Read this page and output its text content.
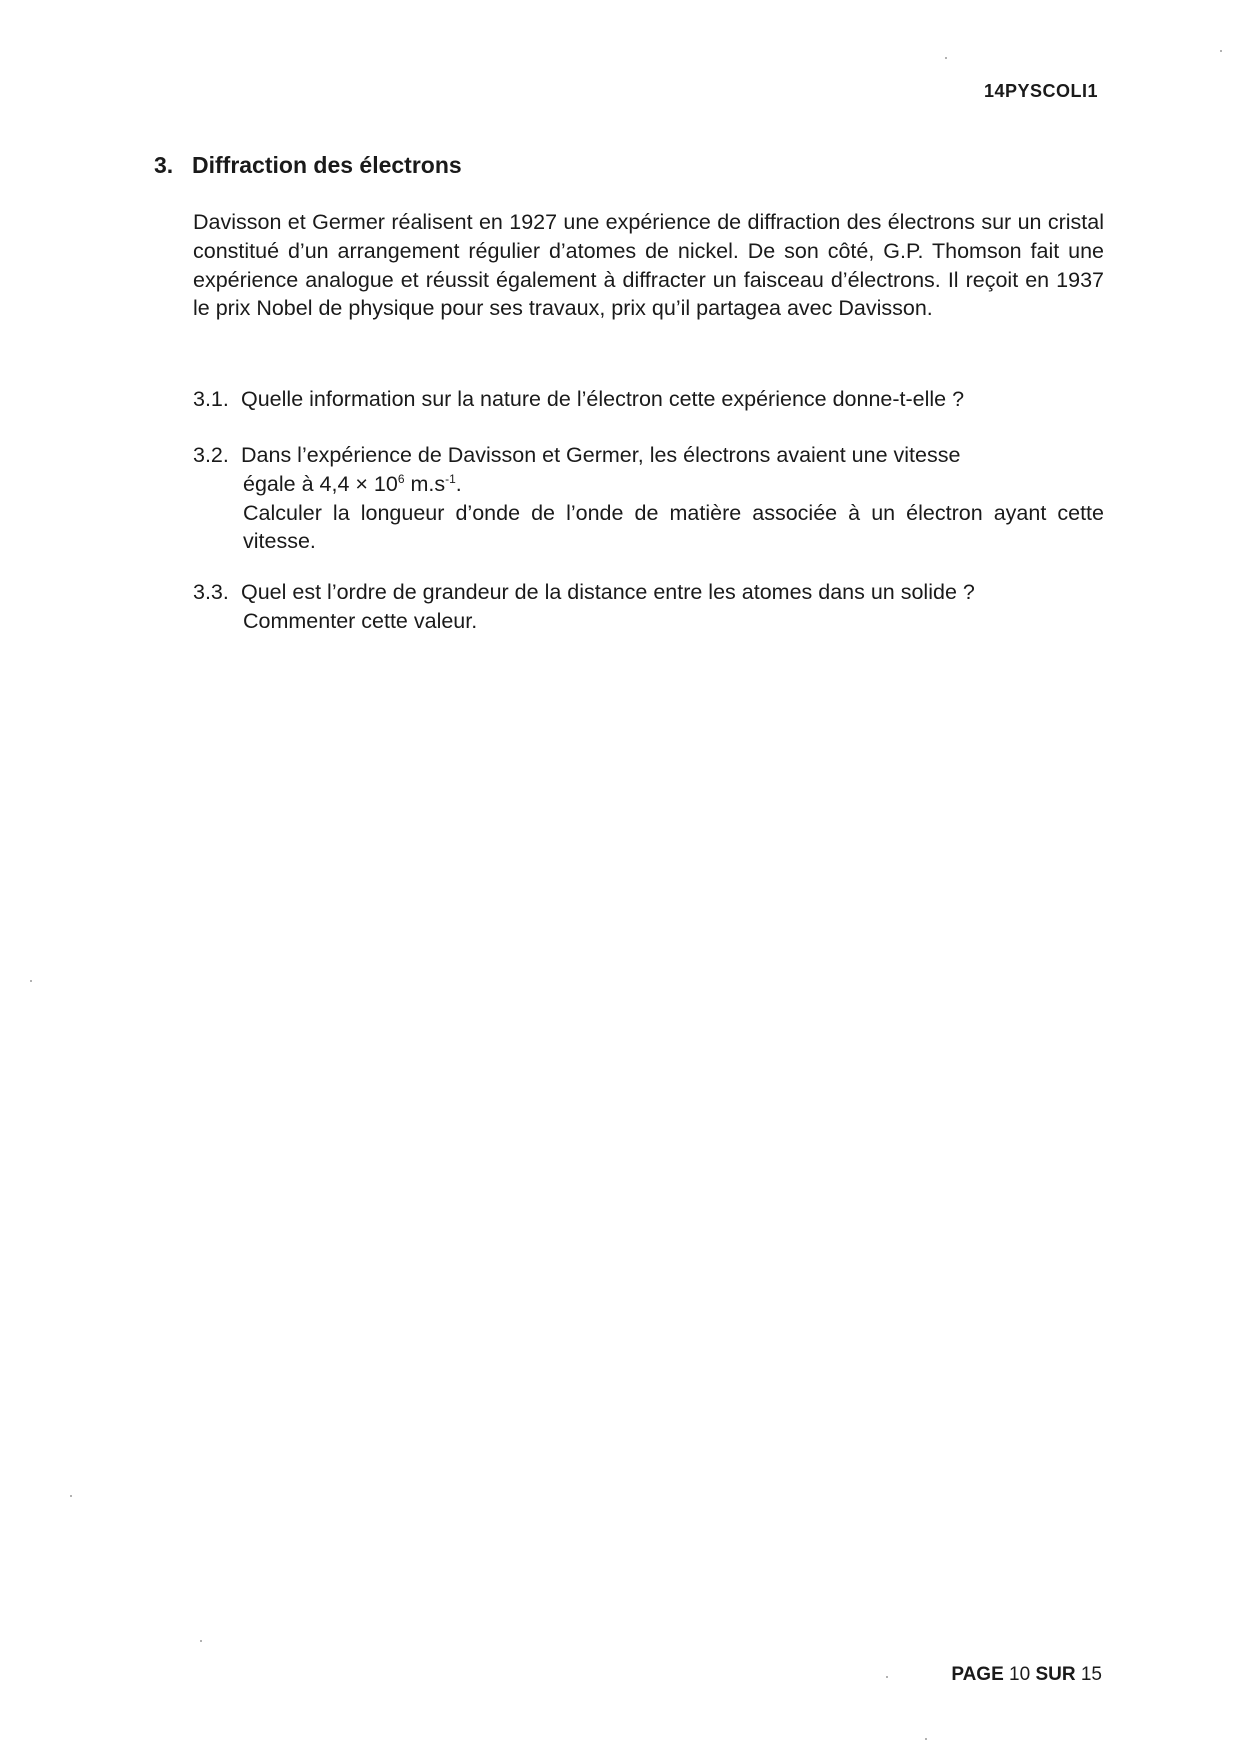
14PYSCOLI1
3. Diffraction des électrons

Davisson et Germer réalisent en 1927 une expérience de diffraction des électrons sur un cristal constitué d’un arrangement régulier d’atomes de nickel. De son côté, G.P. Thomson fait une expérience analogue et réussit également à diffracter un faisceau d’électrons. Il reçoit en 1937 le prix Nobel de physique pour ses travaux, prix qu’il partagea avec Davisson.

3.1. Quelle information sur la nature de l’électron cette expérience donne-t-elle ?
3.2. Dans l’expérience de Davisson et Germer, les électrons avaient une vitesse
égale à $4,4 \times 10^6$ $m.s^{-1}$.
Calculer la longueur d’onde de l’onde de matière associée à un électron ayant cette vitesse.
3.3. Quel est l’ordre de grandeur de la distance entre les atomes dans un solide ?
Commenter cette valeur.
PAGE 10 SUR 15
